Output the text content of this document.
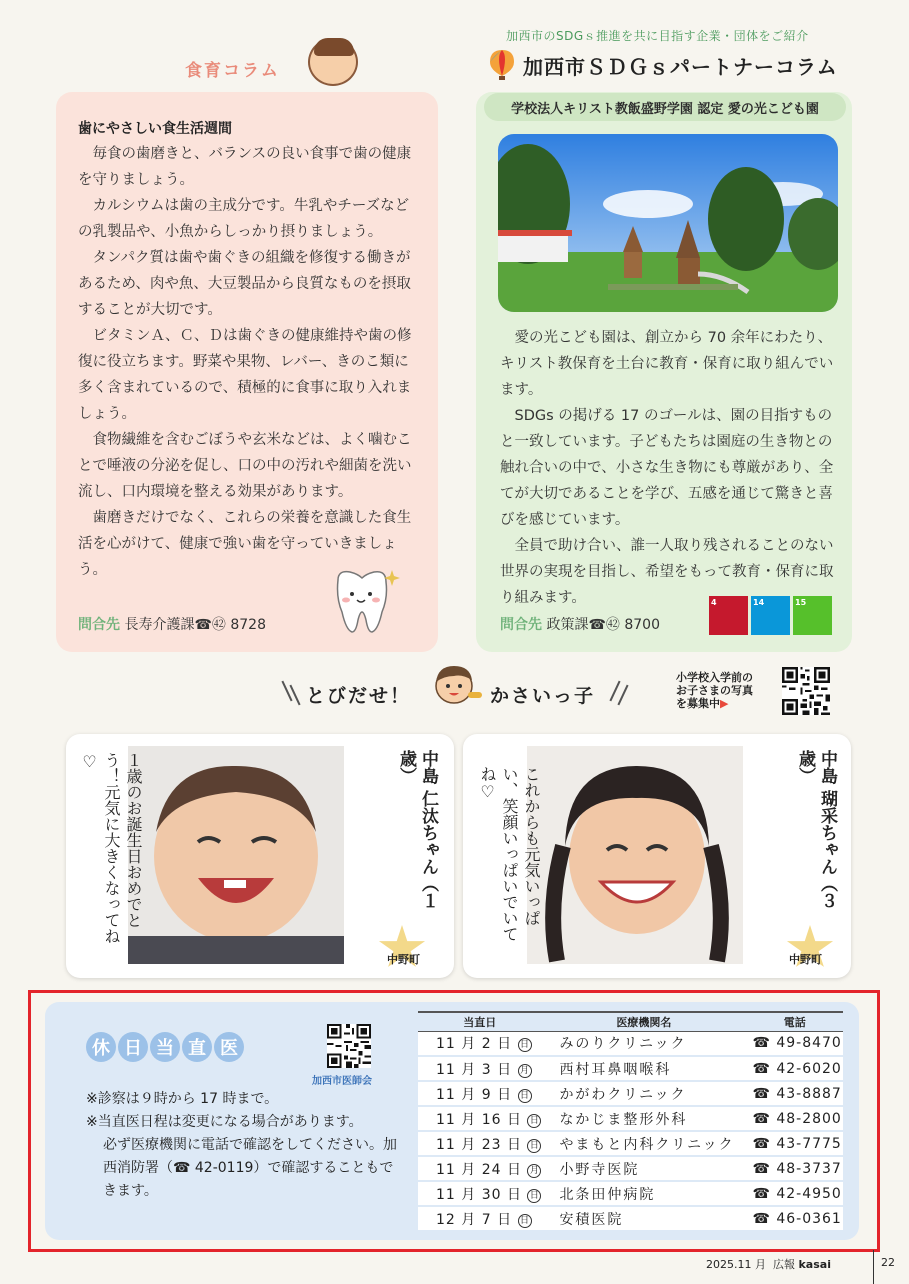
食育コラム
歯にやさしい食生活週間

毎食の歯磨きと、バランスの良い食事で歯の健康を守りましょう。

カルシウムは歯の主成分です。牛乳やチーズなどの乳製品や、小魚からしっかり摂りましょう。

タンパク質は歯や歯ぐきの組織を修復する働きがあるため、肉や魚、大豆製品から良質なものを摂取することが大切です。

ビタミンＡ、Ｃ、Ｄは歯ぐきの健康維持や歯の修復に役立ちます。野菜や果物、レバー、きのこ類に多く含まれているので、積極的に食事に取り入れましょう。

食物繊維を含むごぼうや玄米などは、よく噛むことで唾液の分泌を促し、口の中の汚れや細菌を洗い流し、口内環境を整える効果があります。

歯磨きだけでなく、これらの栄養を意識した食生活を心がけて、健康で強い歯を守っていきましょう。

問合先 長寿介護課☎㊷ 8728
加西市のSDGｓ推進を共に目指す企業・団体をご紹介
加西市ＳＤＧｓパートナーコラム
学校法人キリスト教飯盛野学園 認定 愛の光こども園

愛の光こども園は、創立から 70 余年にわたり、キリスト教保育を土台に教育・保育に取り組んでいます。

SDGs の掲げる 17 のゴールは、園の目指すものと一致しています。子どもたちは園庭の生き物との触れ合いの中で、小さな生き物にも尊厳があり、全てが大切であることを学び、五感を通じて驚きと喜びを感じています。

全員で助け合い、誰一人取り残されることのない世界の実現を目指し、希望をもって教育・保育に取り組みます。

問合先 政策課☎㊷ 8700
4	14	15
とびだせ！	かさいっ子
小学校入学前の
お子さまの写真
を募集中▶
１歳のお誕生日おめでとう！元気に大きくなってね♡	中島 仁汰ちゃん（１歳）
中野町
これからも元気いっぱい、笑顔いっぱいでいてね♡	中島 瑚采ちゃん（３歳）
中野町
休 日 当 直 医
加西市医師会
※診察は９時から 17 時まで。
※当直医日程は変更になる場合があります。
必ず医療機関に電話で確認をしてください。加西消防署（☎ 42-0119）で確認することもできます。
当直日	医療機関名	電話
11 月 2 日 日	みのりクリニック	☎ 49-8470
11 月 3 日 月	西村耳鼻咽喉科	☎ 42-6020
11 月 9 日 日	かがわクリニック	☎ 43-8887
11 月 16 日 日	なかじま整形外科	☎ 48-2800
11 月 23 日 日	やまもと内科クリニック	☎ 43-7775
11 月 24 日 月	小野寺医院	☎ 48-3737
11 月 30 日 日	北条田仲病院	☎ 42-4950
12 月 7 日 日	安積医院	☎ 46-0361
2025.11 月 広報 kasai	22
